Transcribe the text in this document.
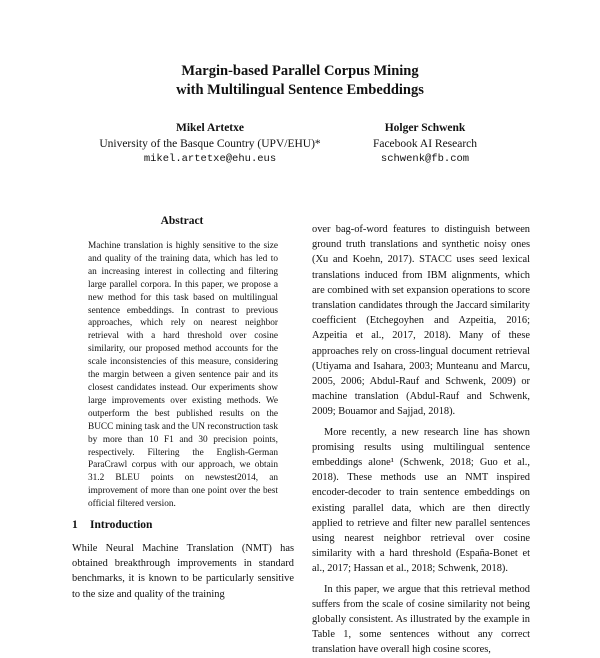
Margin-based Parallel Corpus Mining
with Multilingual Sentence Embeddings
Mikel Artetxe
University of the Basque Country (UPV/EHU)*
mikel.artetxe@ehu.eus
Holger Schwenk
Facebook AI Research
schwenk@fb.com
Abstract
Machine translation is highly sensitive to the size and quality of the training data, which has led to an increasing interest in collecting and filtering large parallel corpora. In this paper, we propose a new method for this task based on multilingual sentence embeddings. In contrast to previous approaches, which rely on nearest neighbor retrieval with a hard threshold over cosine similarity, our proposed method accounts for the scale inconsistencies of this measure, considering the margin between a given sentence pair and its closest candidates instead. Our experiments show large improvements over existing methods. We outperform the best published results on the BUCC mining task and the UN reconstruction task by more than 10 F1 and 30 precision points, respectively. Filtering the English-German ParaCrawl corpus with our approach, we obtain 31.2 BLEU points on newstest2014, an improvement of more than one point over the best official filtered version.
1 Introduction
While Neural Machine Translation (NMT) has obtained breakthrough improvements in standard benchmarks, it is known to be particularly sensitive to the size and quality of the training

over bag-of-word features to distinguish between ground truth translations and synthetic noisy ones (Xu and Koehn, 2017). STACC uses seed lexical translations induced from IBM alignments, which are combined with set expansion operations to score translation candidates through the Jaccard similarity coefficient (Etchegoyhen and Azpeitia, 2016; Azpeitia et al., 2017, 2018). Many of these approaches rely on cross-lingual document retrieval (Utiyama and Isahara, 2003; Munteanu and Marcu, 2005, 2006; Abdul-Rauf and Schwenk, 2009) or machine translation (Abdul-Rauf and Schwenk, 2009; Bouamor and Sajjad, 2018).

More recently, a new research line has shown promising results using multilingual sentence embeddings alone¹ (Schwenk, 2018; Guo et al., 2018). These methods use an NMT inspired encoder-decoder to train sentence embeddings on existing parallel data, which are then directly applied to retrieve and filter new parallel sentences using nearest neighbor retrieval over cosine similarity with a hard threshold (España-Bonet et al., 2017; Hassan et al., 2018; Schwenk, 2018).

In this paper, we argue that this retrieval method suffers from the scale of cosine similarity not being globally consistent. As illustrated by the example in Table 1, some sentences without any correct translation have overall high cosine scores,
